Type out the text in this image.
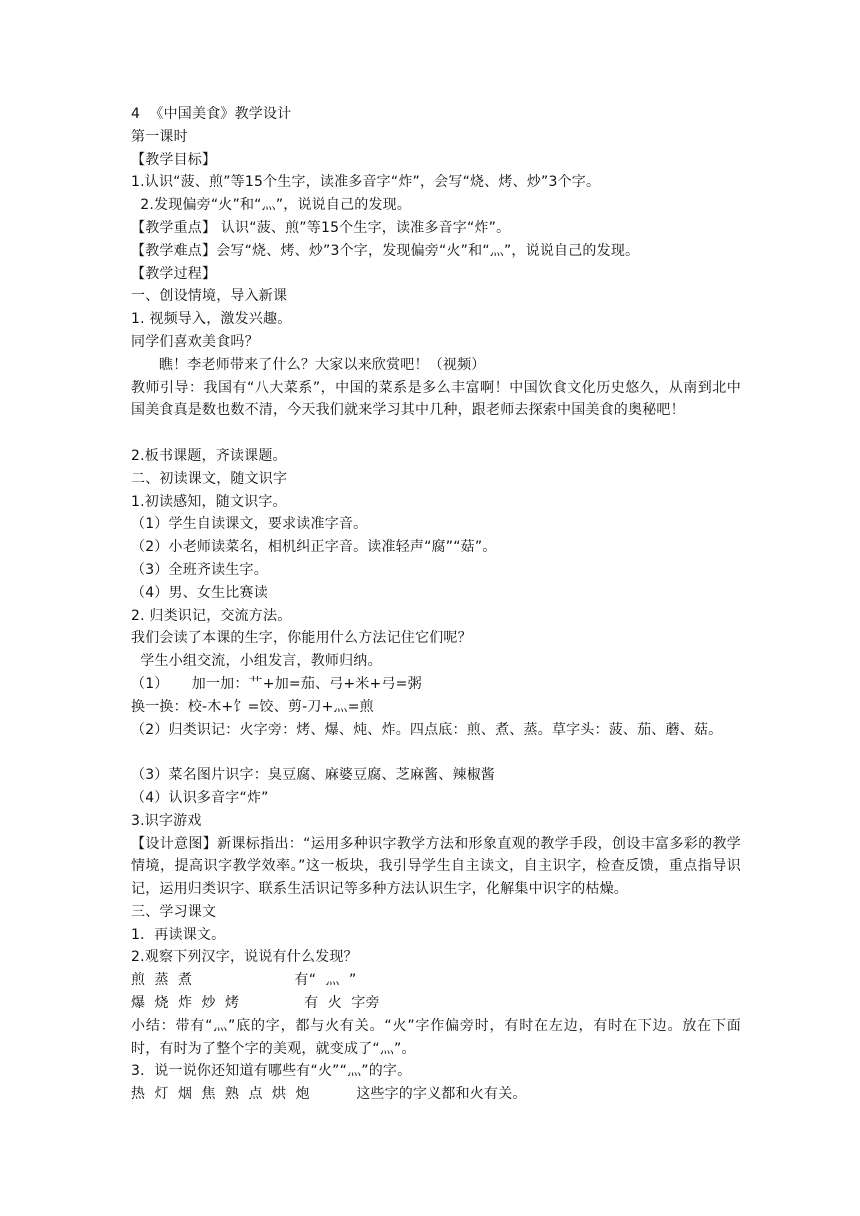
4  《中国美食》教学设计
第一课时
【教学目标】
1.认识“菠、煎”等15个生字，读准多音字“炸”，会写“烧、烤、炒”3个字。
2.发现偏旁“火”和“灬”，说说自己的发现。
【教学重点】 认识“菠、煎”等15个生字，读准多音字“炸”。
【教学难点】会写“烧、烤、炒”3个字，发现偏旁“火”和“灬”，说说自己的发现。
【教学过程】
一、创设情境，导入新课
1. 视频导入，激发兴趣。
同学们喜欢美食吗？
瞧！李老师带来了什么？大家以来欣赏吧！（视频）
教师引导：我国有“八大菜系”，中国的菜系是多么丰富啊！中国饮食文化历史悠久，从南到北中国美食真是数也数不清，今天我们就来学习其中几种，跟老师去探索中国美食的奥秘吧！
2.板书课题，齐读课题。
二、初读课文，随文识字
1.初读感知，随文识字。
（1）学生自读课文，要求读准字音。
（2）小老师读菜名，相机纠正字音。读准轻声“腐”“菇”。
（3）全班齐读生字。
（4）男、女生比赛读
2. 归类识记，交流方法。
我们会读了本课的生字，你能用什么方法记住它们呢？
学生小组交流，小组发言，教师归纳。
（1）     加一加：艹+加=茄、弓+米+弓=粥
换一换：校-木+饣=饺、剪-刀+灬=煎
（2）归类识记：火字旁：烤、爆、炖、炸。四点底：煎、煮、蒸。草字头：菠、茄、蘑、菇。
（3）菜名图片识字：臭豆腐、麻婆豆腐、芝麻酱、辣椒酱
（4）认识多音字“炸”
3.识字游戏
【设计意图】新课标指出：“运用多种识字教学方法和形象直观的教学手段，创设丰富多彩的教学情境，提高识字教学效率。”这一板块，我引导学生自主读文，自主识字，检查反馈，重点指导识记，运用归类识字、联系生活识记等多种方法认识生字，化解集中识字的枯燥。
三、学习课文
1．再读课文。
2.观察下列汉字，说说有什么发现？
煎  蒸  煮                      有“  灬  ”
爆  烧  炸  炒  烤              有  火  字旁
小结：带有“灬”底的字，都与火有关。“火”字作偏旁时，有时在左边，有时在下边。放在下面时，有时为了整个字的美观，就变成了“灬”。
3．说一说你还知道有哪些有“火”“灬”的字。
热  灯  烟  焦  熟  点  烘  炮          这些字的字义都和火有关。
